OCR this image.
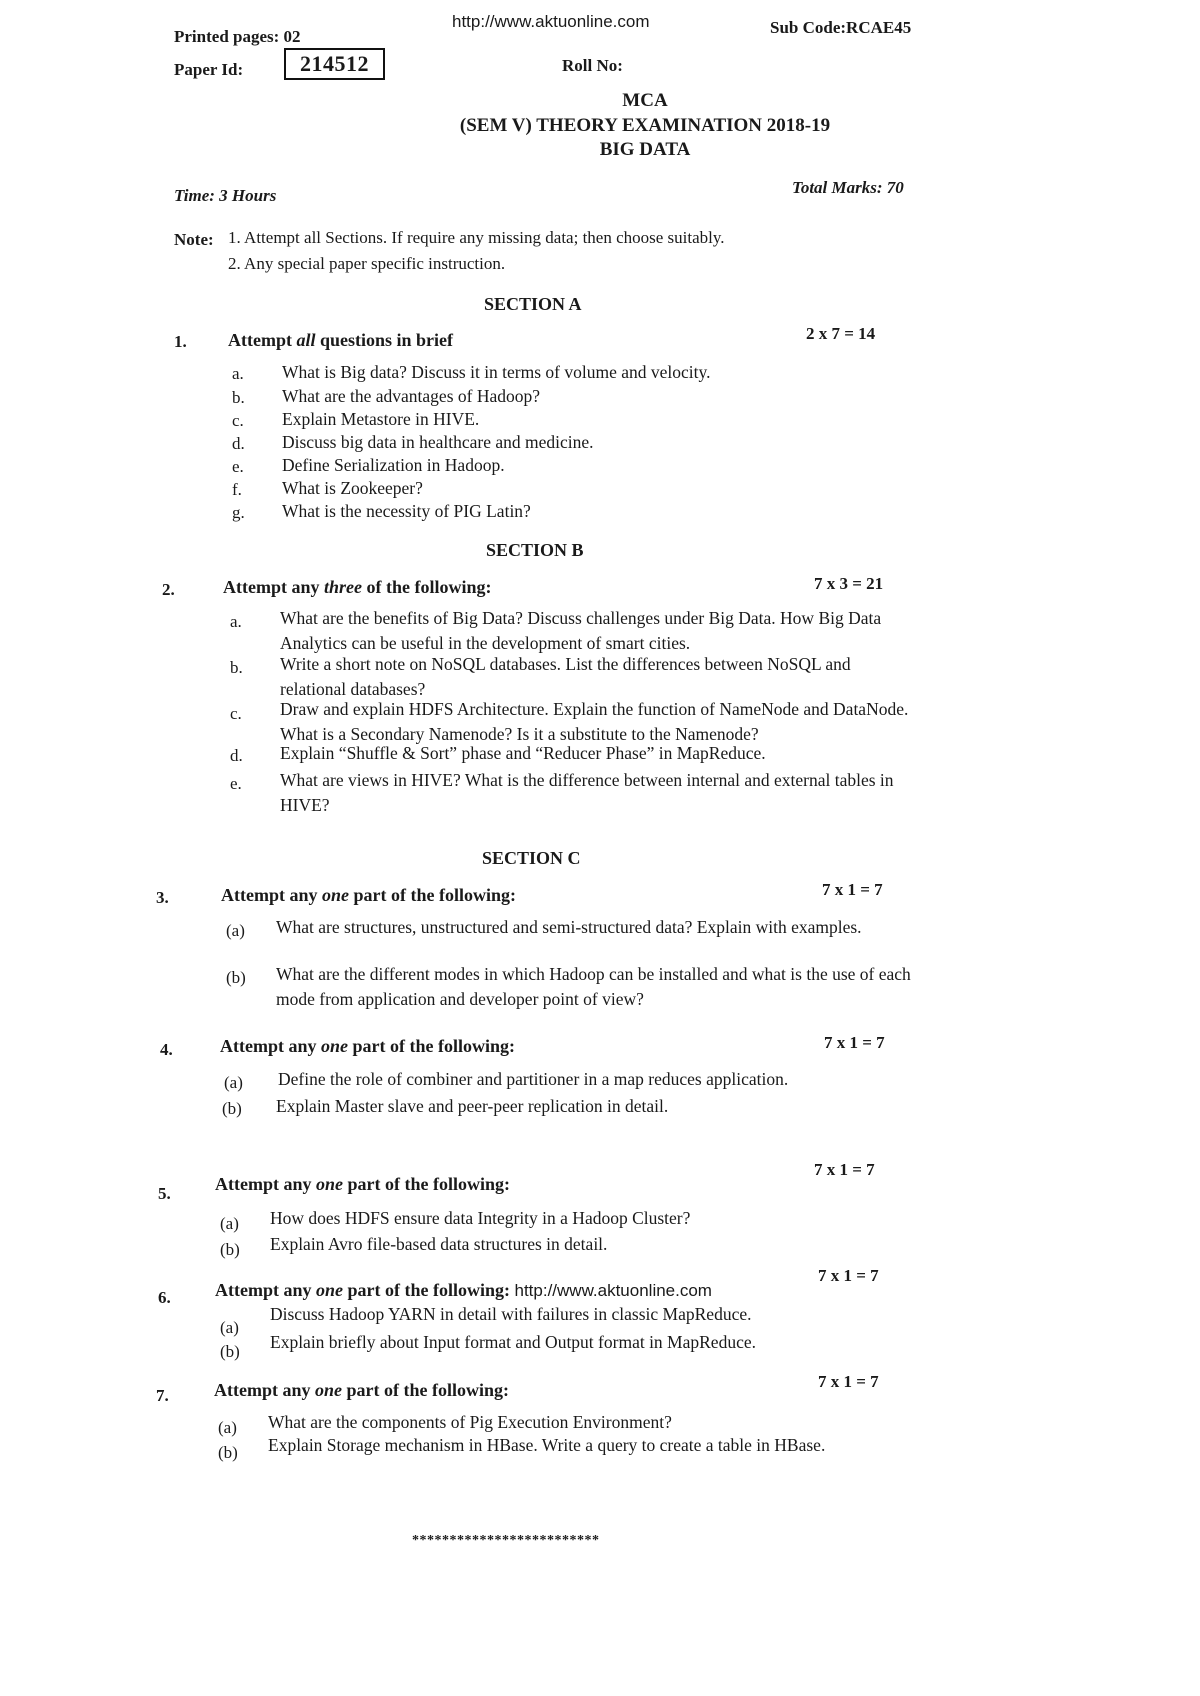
Printed pages: 02
http://www.aktuonline.com	Sub Code:RCAE45
Paper Id:	214512	Roll No:
MCA
(SEM V) THEORY EXAMINATION 2018-19
BIG DATA
Time: 3 Hours	Total Marks: 70
Note: 1. Attempt all Sections. If require any missing data; then choose suitably.
2. Any special paper specific instruction.
SECTION A
1. Attempt all questions in brief	2 x 7 = 14
a. What is Big data? Discuss it in terms of volume and velocity.
b. What are the advantages of Hadoop?
c. Explain Metastore in HIVE.
d. Discuss big data in healthcare and medicine.
e. Define Serialization in Hadoop.
f. What is Zookeeper?
g. What is the necessity of PIG Latin?
SECTION B
2.	Attempt any three of the following:	7 x 3 = 21
a. What are the benefits of Big Data? Discuss challenges under Big Data. How Big Data Analytics can be useful in the development of smart cities.
b. Write a short note on NoSQL databases. List the differences between NoSQL and relational databases?
c. Draw and explain HDFS Architecture. Explain the function of NameNode and DataNode. What is a Secondary Namenode? Is it a substitute to the Namenode?
d. Explain “Shuffle & Sort” phase and “Reducer Phase” in MapReduce.
e. What are views in HIVE? What is the difference between internal and external tables in HIVE?
SECTION C
3.	Attempt any one part of the following:	7 x 1 = 7
(a) What are structures, unstructured and semi-structured data? Explain with examples.
(b) What are the different modes in which Hadoop can be installed and what is the use of each mode from application and developer point of view?
4.	Attempt any one part of the following:	7 x 1 = 7
(a) Define the role of combiner and partitioner in a map reduces application.
(b) Explain Master slave and peer-peer replication in detail.
7 x 1 = 7
5. Attempt any one part of the following:
(a) How does HDFS ensure data Integrity in a Hadoop Cluster?
(b) Explain Avro file-based data structures in detail.
7 x 1 = 7
6. Attempt any one part of the following: http://www.aktuonline.com
(a)
Discuss Hadoop YARN in detail with failures in classic MapReduce.
(b) Explain briefly about Input format and Output format in MapReduce.
7 x 1 = 7
7.	Attempt any one part of the following:
(a) What are the components of Pig Execution Environment?
(b) Explain Storage mechanism in HBase. Write a query to create a table in HBase.
*************************
